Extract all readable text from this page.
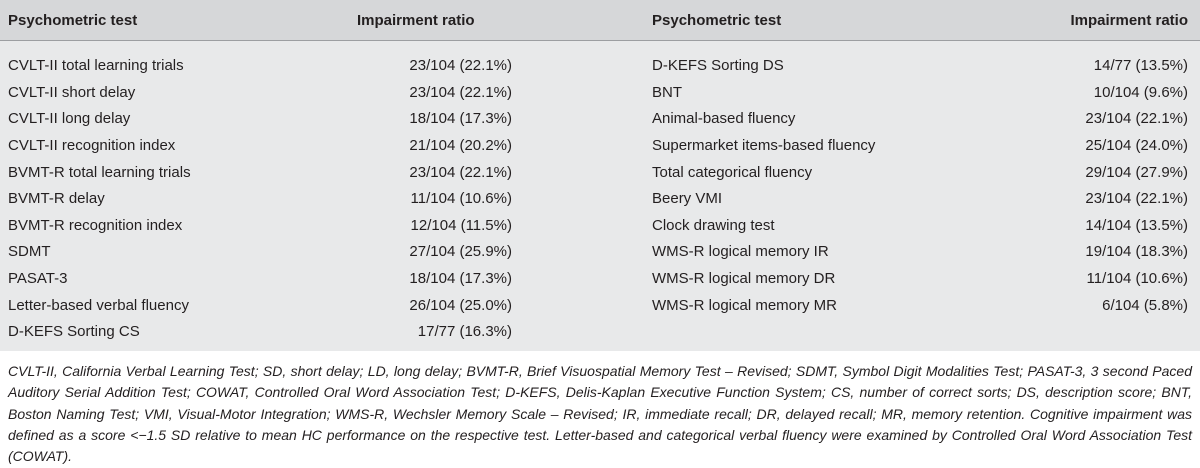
Psychometric test	Impairment ratio	Psychometric test	Impairment ratio
CVLT-II total learning trials	23/104 (22.1%)	D-KEFS Sorting DS	14/77 (13.5%)
CVLT-II short delay	23/104 (22.1%)	BNT	10/104 (9.6%)
CVLT-II long delay	18/104 (17.3%)	Animal-based fluency	23/104 (22.1%)
CVLT-II recognition index	21/104 (20.2%)	Supermarket items-based fluency	25/104 (24.0%)
BVMT-R total learning trials	23/104 (22.1%)	Total categorical fluency	29/104 (27.9%)
BVMT-R delay	11/104 (10.6%)	Beery VMI	23/104 (22.1%)
BVMT-R recognition index	12/104 (11.5%)	Clock drawing test	14/104 (13.5%)
SDMT	27/104 (25.9%)	WMS-R logical memory IR	19/104 (18.3%)
PASAT-3	18/104 (17.3%)	WMS-R logical memory DR	11/104 (10.6%)
Letter-based verbal fluency	26/104 (25.0%)	WMS-R logical memory MR	6/104 (5.8%)
D-KEFS Sorting CS	17/77 (16.3%)		

CVLT-II, California Verbal Learning Test; SD, short delay; LD, long delay; BVMT-R, Brief Visuospatial Memory Test – Revised; SDMT, Symbol Digit Modalities Test; PASAT-3, 3 second Paced Auditory Serial Addition Test; COWAT, Controlled Oral Word Association Test; D-KEFS, Delis-Kaplan Executive Function System; CS, number of correct sorts; DS, description score; BNT, Boston Naming Test; VMI, Visual-Motor Integration; WMS-R, Wechsler Memory Scale – Revised; IR, immediate recall; DR, delayed recall; MR, memory retention. Cognitive impairment was defined as a score <−1.5 SD relative to mean HC performance on the respective test. Letter-based and categorical verbal fluency were examined by Controlled Oral Word Association Test (COWAT).
